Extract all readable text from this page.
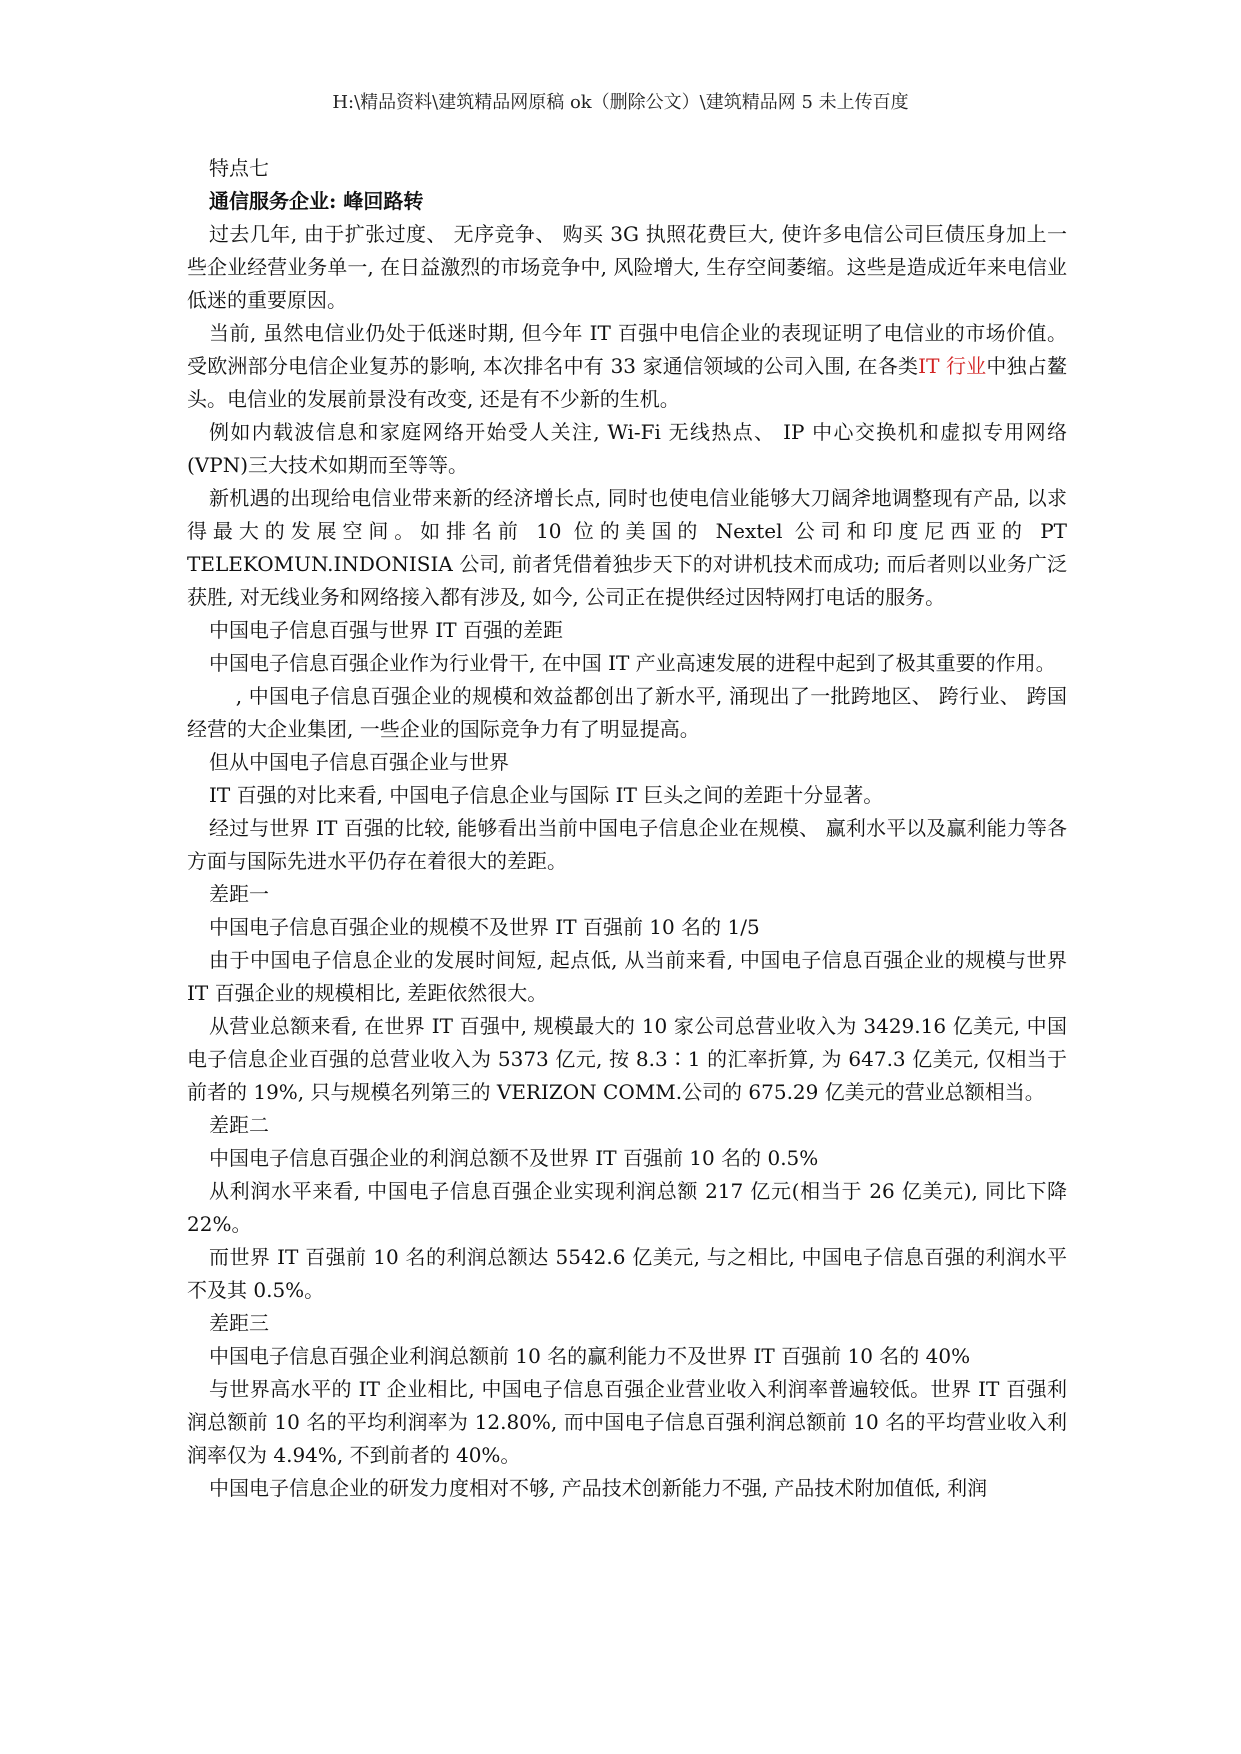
H:\精品资料\建筑精品网原稿 ok（删除公文）\建筑精品网 5 未上传百度

特点七

通信服务企业: 峰回路转

过去几年, 由于扩张过度、 无序竞争、 购买 3G 执照花费巨大, 使许多电信公司巨债压身加上一些企业经营业务单一, 在日益激烈的市场竞争中, 风险增大, 生存空间萎缩。这些是造成近年来电信业低迷的重要原因。

当前, 虽然电信业仍处于低迷时期, 但今年 IT 百强中电信企业的表现证明了电信业的市场价值。受欧洲部分电信企业复苏的影响, 本次排名中有 33 家通信领域的公司入围, 在各类IT 行业中独占鳌头。电信业的发展前景没有改变, 还是有不少新的生机。

例如内载波信息和家庭网络开始受人关注, Wi-Fi 无线热点、 IP 中心交换机和虚拟专用网络(VPN)三大技术如期而至等等。

新机遇的出现给电信业带来新的经济增长点, 同时也使电信业能够大刀阔斧地调整现有产品, 以求得最大的发展空间。如排名前 10 位的美国的 Nextel 公司和印度尼西亚的 PT TELEKOMUN.INDONISIA 公司, 前者凭借着独步天下的对讲机技术而成功; 而后者则以业务广泛获胜, 对无线业务和网络接入都有涉及, 如今, 公司正在提供经过因特网打电话的服务。

中国电子信息百强与世界 IT 百强的差距

中国电子信息百强企业作为行业骨干, 在中国 IT 产业高速发展的进程中起到了极其重要的作用。

, 中国电子信息百强企业的规模和效益都创出了新水平, 涌现出了一批跨地区、 跨行业、 跨国经营的大企业集团, 一些企业的国际竞争力有了明显提高。

但从中国电子信息百强企业与世界

IT 百强的对比来看, 中国电子信息企业与国际 IT 巨头之间的差距十分显著。

经过与世界 IT 百强的比较, 能够看出当前中国电子信息企业在规模、 赢利水平以及赢利能力等各方面与国际先进水平仍存在着很大的差距。

差距一

中国电子信息百强企业的规模不及世界 IT 百强前 10 名的 1/5

由于中国电子信息企业的发展时间短, 起点低, 从当前来看, 中国电子信息百强企业的规模与世界 IT 百强企业的规模相比, 差距依然很大。

从营业总额来看, 在世界 IT 百强中, 规模最大的 10 家公司总营业收入为 3429.16 亿美元, 中国电子信息企业百强的总营业收入为 5373 亿元, 按 8.3∶1 的汇率折算, 为 647.3 亿美元, 仅相当于前者的 19%, 只与规模名列第三的 VERIZON COMM.公司的 675.29 亿美元的营业总额相当。

差距二

中国电子信息百强企业的利润总额不及世界 IT 百强前 10 名的 0.5%

从利润水平来看, 中国电子信息百强企业实现利润总额 217 亿元(相当于 26 亿美元), 同比下降 22%。

而世界 IT 百强前 10 名的利润总额达 5542.6 亿美元, 与之相比, 中国电子信息百强的利润水平不及其 0.5%。

差距三

中国电子信息百强企业利润总额前 10 名的赢利能力不及世界 IT 百强前 10 名的 40%

与世界高水平的 IT 企业相比, 中国电子信息百强企业营业收入利润率普遍较低。世界 IT 百强利润总额前 10 名的平均利润率为 12.80%, 而中国电子信息百强利润总额前 10 名的平均营业收入利润率仅为 4.94%, 不到前者的 40%。

中国电子信息企业的研发力度相对不够, 产品技术创新能力不强, 产品技术附加值低, 利润
